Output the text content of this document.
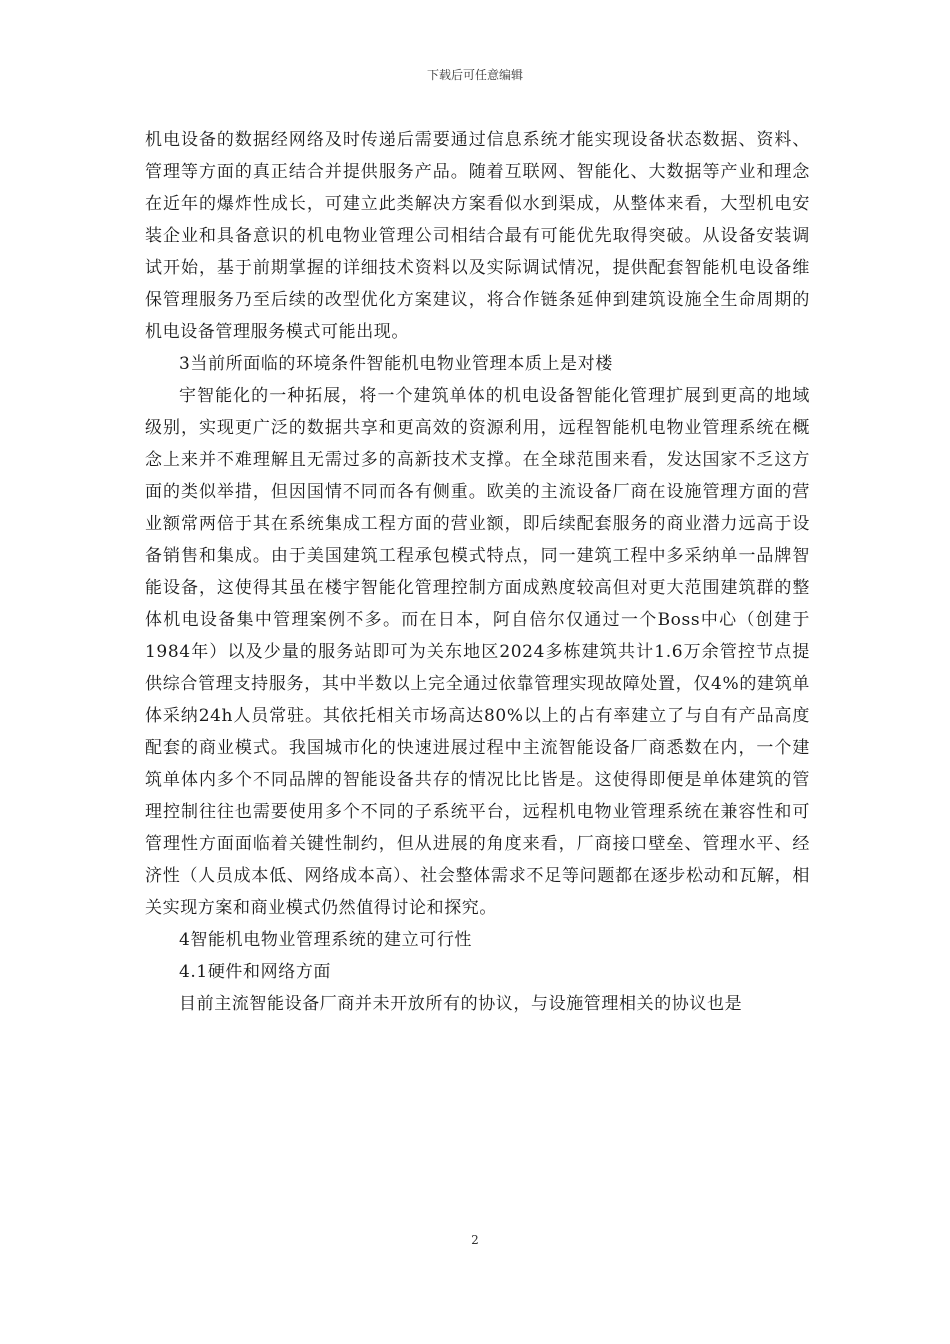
下载后可任意编辑

机电设备的数据经网络及时传递后需要通过信息系统才能实现设备状态数据、资料、管理等方面的真正结合并提供服务产品。随着互联网、智能化、大数据等产业和理念在近年的爆炸性成长，可建立此类解决方案看似水到渠成，从整体来看，大型机电安装企业和具备意识的机电物业管理公司相结合最有可能优先取得突破。从设备安装调试开始，基于前期掌握的详细技术资料以及实际调试情况，提供配套智能机电设备维保管理服务乃至后续的改型优化方案建议，将合作链条延伸到建筑设施全生命周期的机电设备管理服务模式可能出现。

3当前所面临的环境条件智能机电物业管理本质上是对楼

宇智能化的一种拓展，将一个建筑单体的机电设备智能化管理扩展到更高的地域级别，实现更广泛的数据共享和更高效的资源利用，远程智能机电物业管理系统在概念上来并不难理解且无需过多的高新技术支撑。在全球范围来看，发达国家不乏这方面的类似举措，但因国情不同而各有侧重。欧美的主流设备厂商在设施管理方面的营业额常两倍于其在系统集成工程方面的营业额，即后续配套服务的商业潜力远高于设备销售和集成。由于美国建筑工程承包模式特点，同一建筑工程中多采纳单一品牌智能设备，这使得其虽在楼宇智能化管理控制方面成熟度较高但对更大范围建筑群的整体机电设备集中管理案例不多。而在日本，阿自倍尔仅通过一个Boss中心（创建于1984年）以及少量的服务站即可为关东地区2024多栋建筑共计1.6万余管控节点提供综合管理支持服务，其中半数以上完全通过依靠管理实现故障处置，仅4%的建筑单体采纳24h人员常驻。其依托相关市场高达80%以上的占有率建立了与自有产品高度配套的商业模式。我国城市化的快速进展过程中主流智能设备厂商悉数在内，一个建筑单体内多个不同品牌的智能设备共存的情况比比皆是。这使得即便是单体建筑的管理控制往往也需要使用多个不同的子系统平台，远程机电物业管理系统在兼容性和可管理性方面面临着关键性制约，但从进展的角度来看，厂商接口壁垒、管理水平、经济性（人员成本低、网络成本高）、社会整体需求不足等问题都在逐步松动和瓦解，相关实现方案和商业模式仍然值得讨论和探究。

4智能机电物业管理系统的建立可行性

4.1硬件和网络方面

目前主流智能设备厂商并未开放所有的协议，与设施管理相关的协议也是

2
